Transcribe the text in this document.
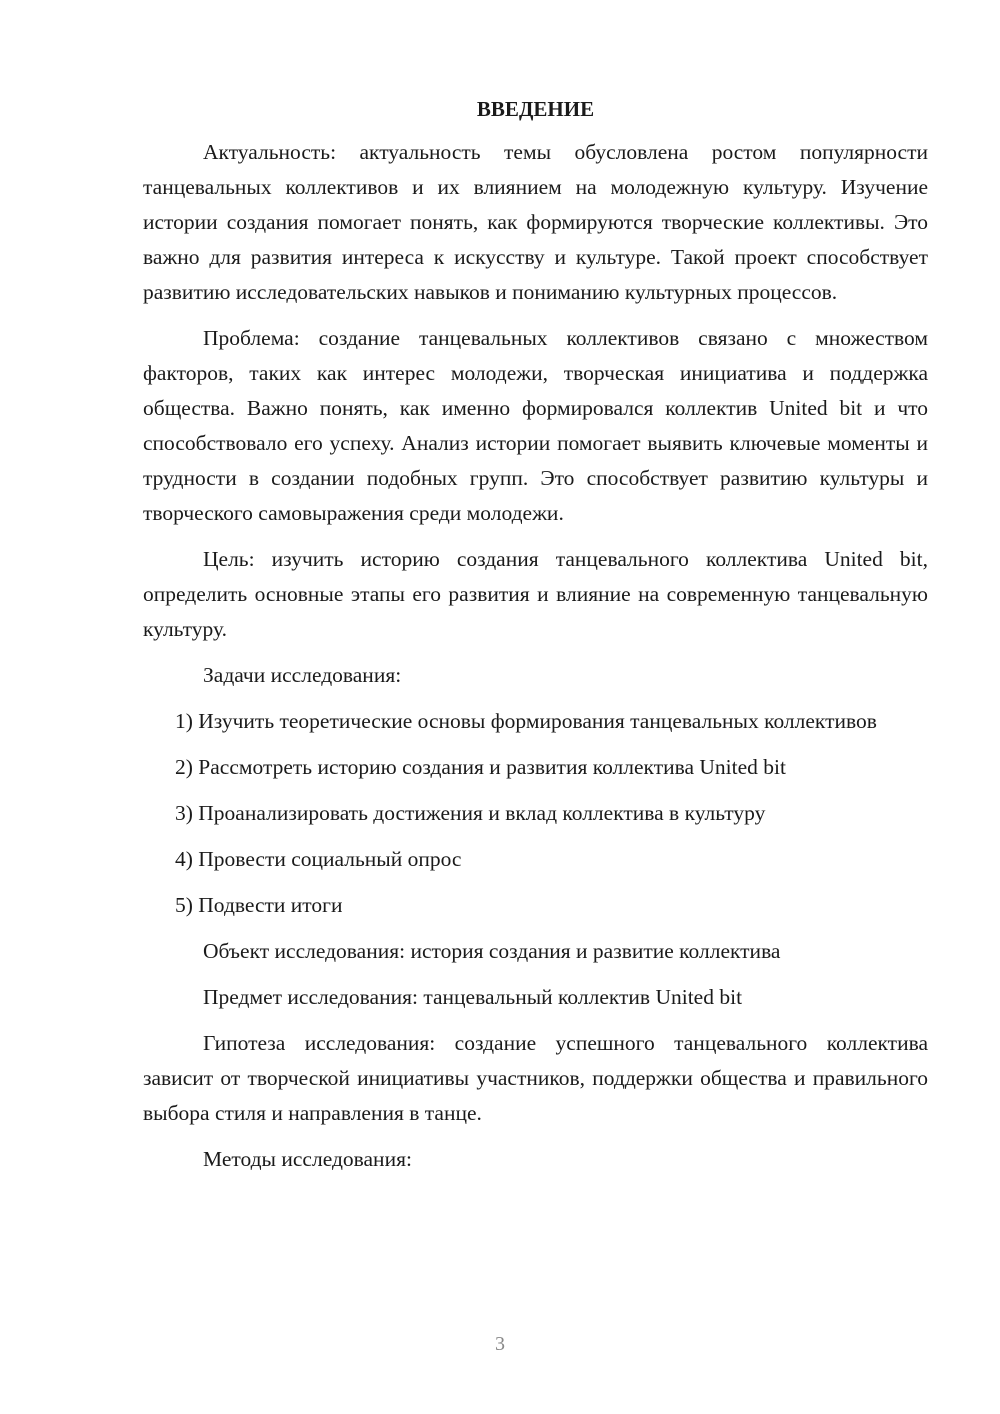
ВВЕДЕНИЕ

Актуальность: актуальность темы обусловлена ростом популярности танцевальных коллективов и их влиянием на молодежную культуру. Изучение истории создания помогает понять, как формируются творческие коллективы. Это важно для развития интереса к искусству и культуре. Такой проект способствует развитию исследовательских навыков и пониманию культурных процессов.

Проблема: создание танцевальных коллективов связано с множеством факторов, таких как интерес молодежи, творческая инициатива и поддержка общества. Важно понять, как именно формировался коллектив United bit и что способствовало его успеху. Анализ истории помогает выявить ключевые моменты и трудности в создании подобных групп. Это способствует развитию культуры и творческого самовыражения среди молодежи.

Цель: изучить историю создания танцевального коллектива United bit, определить основные этапы его развития и влияние на современную танцевальную культуру.

Задачи исследования:

1) Изучить теоретические основы формирования танцевальных коллективов

2) Рассмотреть историю создания и развития коллектива United bit

3) Проанализировать достижения и вклад коллектива в культуру

4) Провести социальный опрос

5) Подвести итоги

Объект исследования: история создания и развитие коллектива

Предмет исследования: танцевальный коллектив United bit

Гипотеза исследования: создание успешного танцевального коллектива зависит от творческой инициативы участников, поддержки общества и правильного выбора стиля и направления в танце.

Методы исследования:

3
